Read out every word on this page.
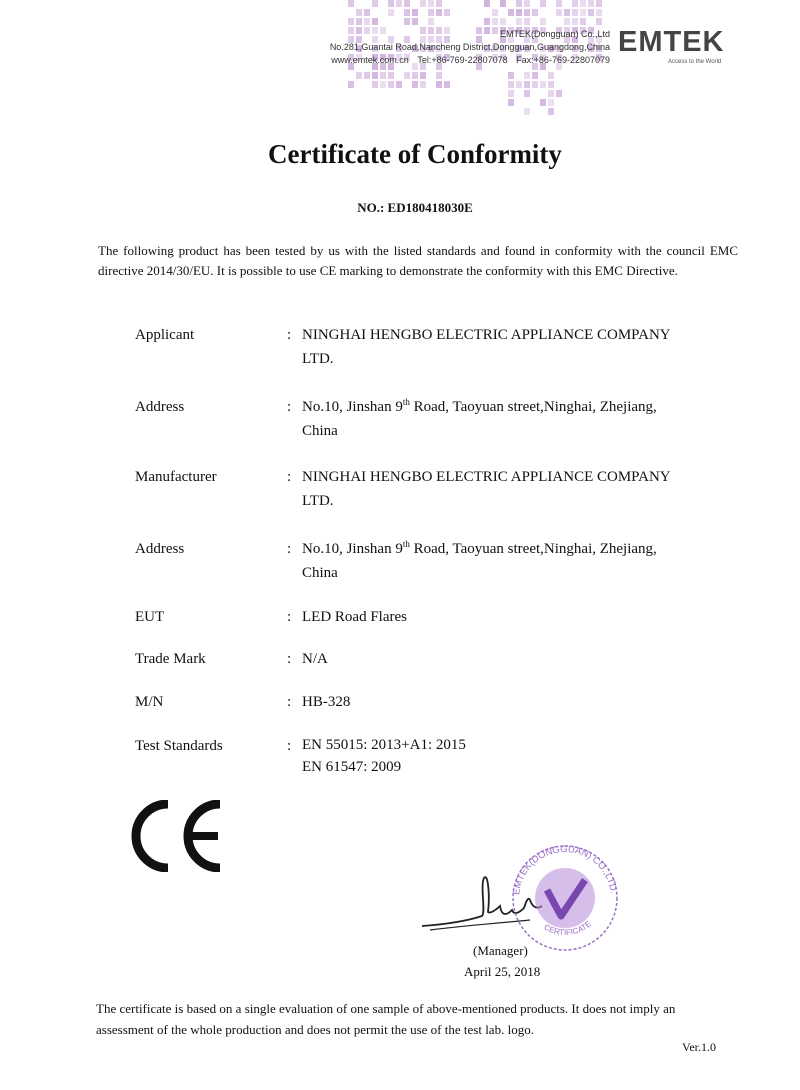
EMTEK(Dongguan) Co.,Ltd
No.281,Guantai Road,Nancheng District,Dongguan,Guangdong,China
www.emtek.com.cn Tel:+86-769-22807078 Fax:+86-769-22807079
EMTEK
Access to the World
Certificate of Conformity
NO.: ED180418030E
The following product has been tested by us with the listed standards and found in conformity with the council EMC directive 2014/30/EU. It is possible to use CE marking to demonstrate the conformity with this EMC Directive.
Applicant	: NINGHAI HENGBO ELECTRIC APPLIANCE COMPANY
LTD.
Address	: No.10, Jinshan 9th Road, Taoyuan street,Ninghai, Zhejiang,
China
Manufacturer	: NINGHAI HENGBO ELECTRIC APPLIANCE COMPANY
LTD.
Address	: No.10, Jinshan 9th Road, Taoyuan street,Ninghai, Zhejiang,
China
EUT	: LED Road Flares
Trade Mark	: N/A
M/N	: HB-328
Test Standards	: EN 55015: 2013+A1: 2015
EN 61547: 2009
EMTEK(DONGGUAN) CO.,LTD.
CERTIFICATE
(Manager)
April 25, 2018
The certificate is based on a single evaluation of one sample of above-mentioned products. It does not imply an assessment of the whole production and does not permit the use of the test lab. logo.
Ver.1.0
